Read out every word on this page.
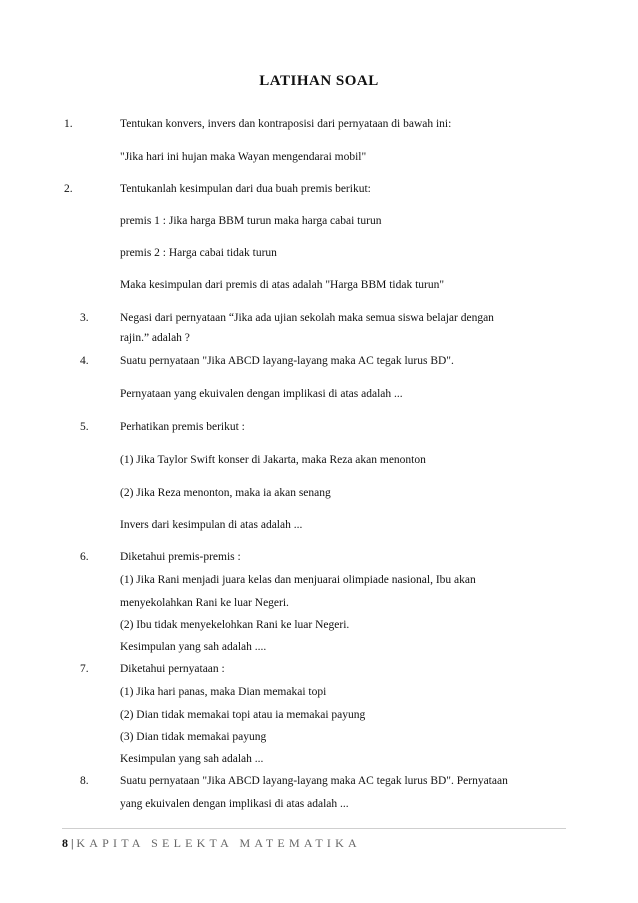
LATIHAN SOAL
1.	Tentukan konvers, invers dan kontraposisi dari pernyataan di bawah ini:
"Jika hari ini hujan maka Wayan mengendarai mobil"
2.	Tentukanlah kesimpulan dari dua buah premis berikut:
premis 1 : Jika harga BBM turun maka harga cabai turun
premis 2 : Harga cabai tidak turun
Maka kesimpulan dari premis di atas adalah "Harga BBM tidak turun"
3.	Negasi dari pernyataan “Jika ada ujian sekolah maka semua siswa belajar dengan
rajin.” adalah ?
4.	Suatu pernyataan "Jika ABCD layang-layang maka AC tegak lurus BD".
Pernyataan yang ekuivalen dengan implikasi di atas adalah ...
5.	Perhatikan premis berikut :
(1) Jika Taylor Swift konser di Jakarta, maka Reza akan menonton
(2) Jika Reza menonton, maka ia akan senang
Invers dari kesimpulan di atas adalah ...
6.	Diketahui premis-premis :
(1) Jika Rani menjadi juara kelas dan menjuarai olimpiade nasional, Ibu akan
menyekolahkan Rani ke luar Negeri.
(2) Ibu tidak menyekelohkan Rani ke luar Negeri.
Kesimpulan yang sah adalah ....
7.	Diketahui pernyataan :
(1) Jika hari panas, maka Dian memakai topi
(2) Dian tidak memakai topi atau ia memakai payung
(3) Dian tidak memakai payung
Kesimpulan yang sah adalah ...
8.	Suatu pernyataan "Jika ABCD layang-layang maka AC tegak lurus BD". Pernyataan
yang ekuivalen dengan implikasi di atas adalah ...
8 | KAPITA SELEKTA MATEMATIKA
